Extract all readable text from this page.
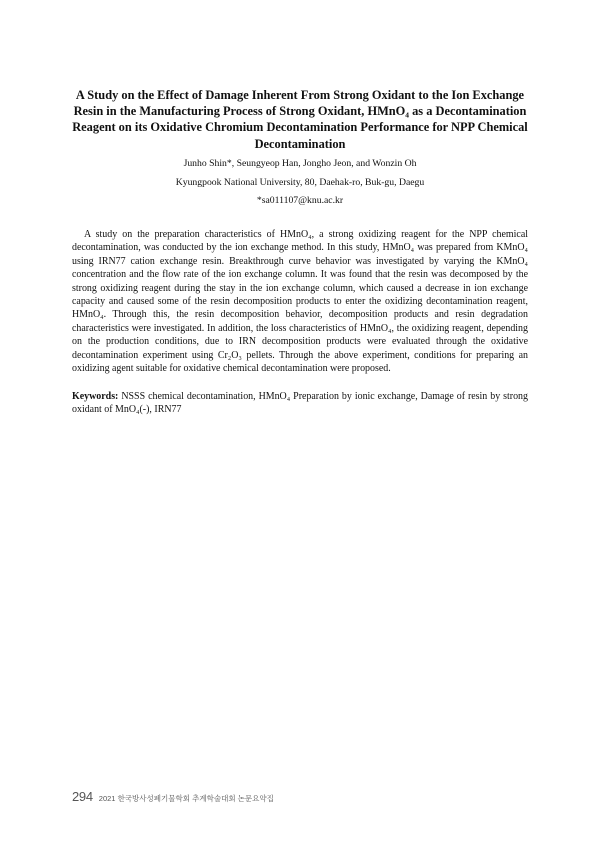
A Study on the Effect of Damage Inherent From Strong Oxidant to the Ion Exchange Resin in the Manufacturing Process of Strong Oxidant, HMnO₄ as a Decontamination Reagent on its Oxidative Chromium Decontamination Performance for NPP Chemical Decontamination
Junho Shin*, Seungyeop Han, Jongho Jeon, and Wonzin Oh
Kyungpook National University, 80, Daehak-ro, Buk-gu, Daegu
*sa011107@knu.ac.kr

A study on the preparation characteristics of HMnO₄, a strong oxidizing reagent for the NPP chemical decontamination, was conducted by the ion exchange method. In this study, HMnO₄ was prepared from KMnO₄ using IRN77 cation exchange resin. Breakthrough curve behavior was investigated by varying the KMnO₄ concentration and the flow rate of the ion exchange column. It was found that the resin was decomposed by the strong oxidizing reagent during the stay in the ion exchange column, which caused a decrease in ion exchange capacity and caused some of the resin decomposition products to enter the oxidizing decontamination reagent, HMnO₄. Through this, the resin decomposition behavior, decomposition products and resin degradation characteristics were investigated. In addition, the loss characteristics of HMnO₄, the oxidizing reagent, depending on the production conditions, due to IRN decomposition products were evaluated through the oxidative decontamination experiment using Cr₂O₃ pellets. Through the above experiment, conditions for preparing an oxidizing agent suitable for oxidative chemical decontamination were proposed.

Keywords: NSSS chemical decontamination, HMnO₄ Preparation by ionic exchange, Damage of resin by strong oxidant of MnO₄(-), IRN77

294 2021 한국방사성폐기물학회 추계학술대회 논문요약집
